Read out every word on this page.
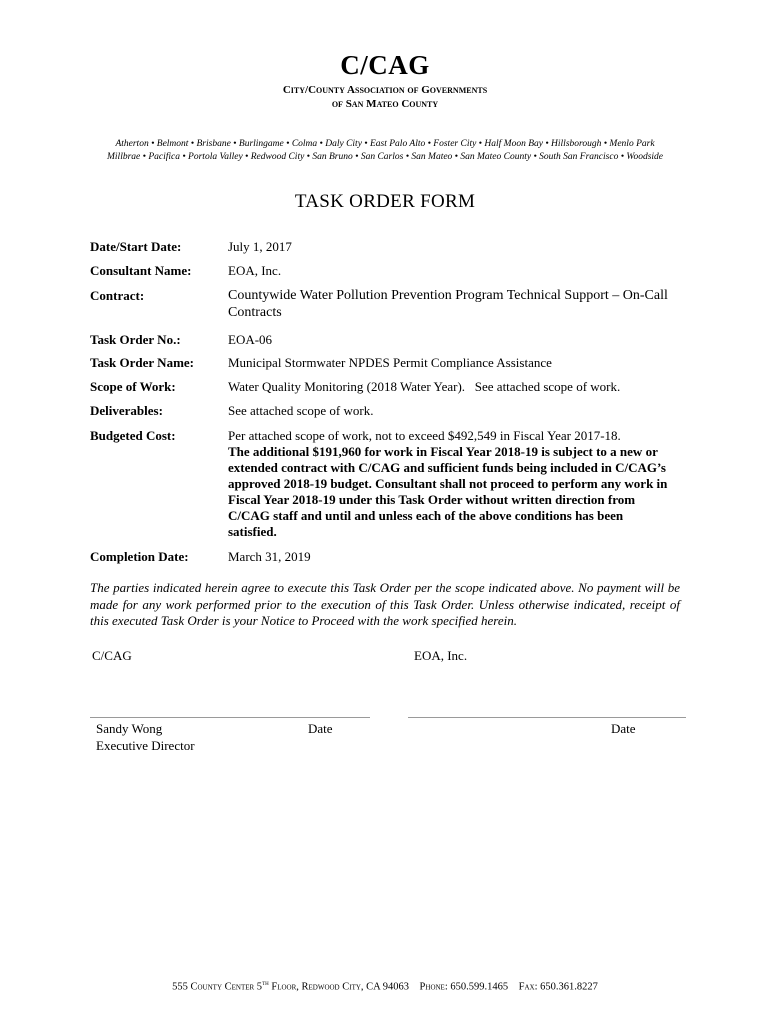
C/CAG
City/County Association of Governments
of San Mateo County
Atherton • Belmont • Brisbane • Burlingame • Colma • Daly City • East Palo Alto • Foster City • Half Moon Bay • Hillsborough • Menlo Park
Millbrae • Pacifica • Portola Valley • Redwood City • San Bruno • San Carlos • San Mateo • San Mateo County • South San Francisco • Woodside
TASK ORDER FORM
Date/Start Date:	July 1, 2017
Consultant Name:	EOA, Inc.
Contract:	Countywide Water Pollution Prevention Program Technical Support – On-Call Contracts
Task Order No.:	EOA-06
Task Order Name:	Municipal Stormwater NPDES Permit Compliance Assistance
Scope of Work:	Water Quality Monitoring (2018 Water Year).   See attached scope of work.
Deliverables:	See attached scope of work.
Budgeted Cost:	Per attached scope of work, not to exceed $492,549 in Fiscal Year 2017-18.
The additional $191,960 for work in Fiscal Year 2018-19 is subject to a new or extended contract with C/CAG and sufficient funds being included in C/CAG’s approved 2018-19 budget. Consultant shall not proceed to perform any work in Fiscal Year 2018-19 under this Task Order without written direction from C/CAG staff and until and unless each of the above conditions has been satisfied.
Completion Date:	March 31, 2019
The parties indicated herein agree to execute this Task Order per the scope indicated above. No payment will be made for any work performed prior to the execution of this Task Order. Unless otherwise indicated, receipt of this executed Task Order is your Notice to Proceed with the work specified herein.
C/CAG	EOA, Inc.
Sandy Wong
Executive Director
Date	Date
555 County Center 5th Floor, Redwood City, CA 94063 Phone: 650.599.1465 Fax: 650.361.8227
